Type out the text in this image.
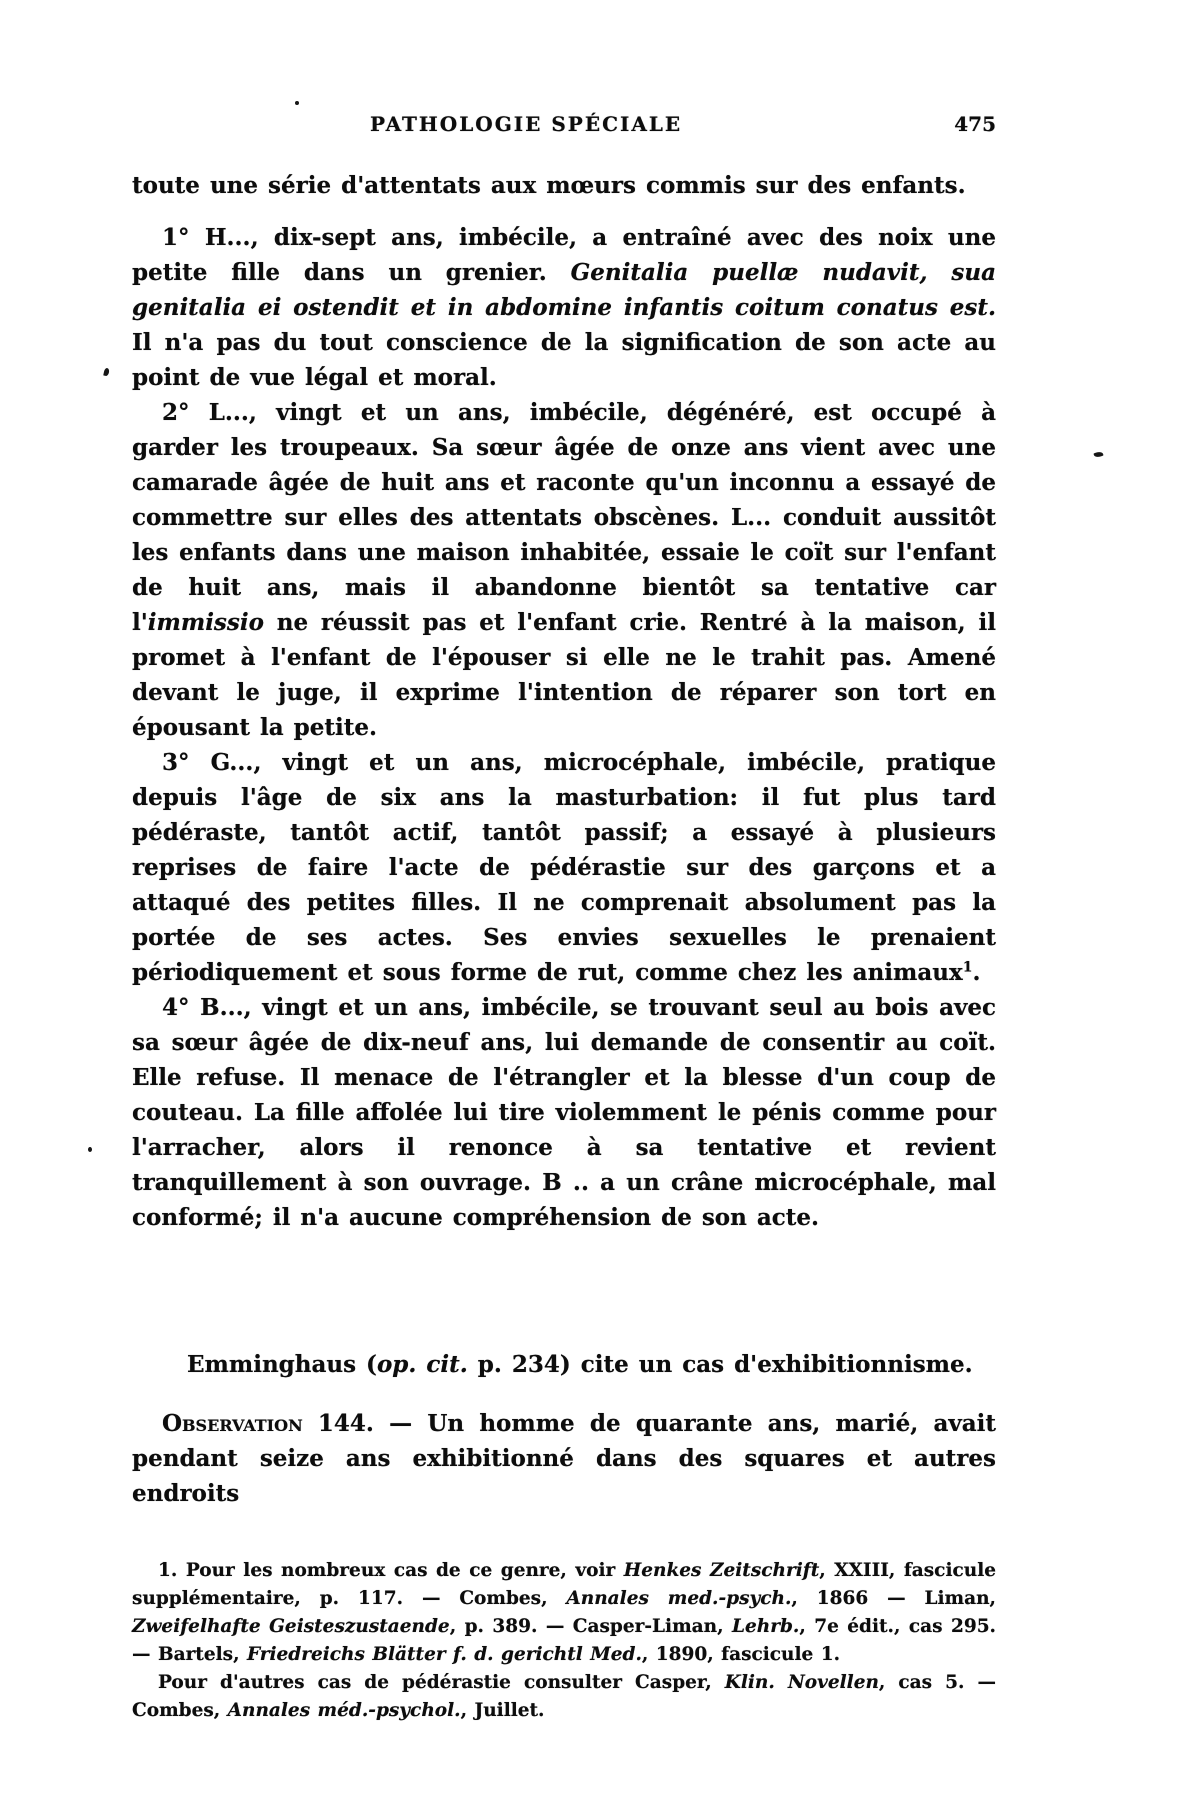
PATHOLOGIE SPÉCIALE	475

toute une série d'attentats aux mœurs commis sur des enfants.

1° H..., dix-sept ans, imbécile, a entraîné avec des noix une petite fille dans un grenier. Genitalia puellæ nudavit, sua genitalia ei ostendit et in abdomine infantis coitum conatus est. Il n'a pas du tout conscience de la signification de son acte au point de vue légal et moral.

2° L..., vingt et un ans, imbécile, dégénéré, est occupé à garder les troupeaux. Sa sœur âgée de onze ans vient avec une camarade âgée de huit ans et raconte qu'un inconnu a essayé de commettre sur elles des attentats obscènes. L... conduit aussitôt les enfants dans une maison inhabitée, essaie le coït sur l'enfant de huit ans, mais il abandonne bientôt sa tentative car l'immissio ne réussit pas et l'enfant crie. Rentré à la maison, il promet à l'enfant de l'épouser si elle ne le trahit pas. Amené devant le juge, il exprime l'intention de réparer son tort en épousant la petite.

3° G..., vingt et un ans, microcéphale, imbécile, pratique depuis l'âge de six ans la masturbation: il fut plus tard pédéraste, tantôt actif, tantôt passif; a essayé à plusieurs reprises de faire l'acte de pédérastie sur des garçons et a attaqué des petites filles. Il ne comprenait absolument pas la portée de ses actes. Ses envies sexuelles le prenaient périodiquement et sous forme de rut, comme chez les animaux$^1$.

4° B..., vingt et un ans, imbécile, se trouvant seul au bois avec sa sœur âgée de dix-neuf ans, lui demande de consentir au coït. Elle refuse. Il menace de l'étrangler et la blesse d'un coup de couteau. La fille affolée lui tire violemment le pénis comme pour l'arracher, alors il renonce à sa tentative et revient tranquillement à son ouvrage. B .. a un crâne microcéphale, mal conformé; il n'a aucune compréhension de son acte.

Emminghaus (op. cit. p. 234) cite un cas d'exhibitionnisme.

Observation 144. — Un homme de quarante ans, marié, avait pendant seize ans exhibitionné dans des squares et autres endroits

1. Pour les nombreux cas de ce genre, voir Henkes Zeitschrift, XXIII, fascicule supplémentaire, p. 117. — Combes, Annales med.-psych., 1866 — Liman, Zweifelhafte Geisteszustaende, p. 389. — Casper-Liman, Lehrb., 7e édit., cas 295. — Bartels, Friedreichs Blätter f. d. gerichtl Med., 1890, fascicule 1.

Pour d'autres cas de pédérastie consulter Casper, Klin. Novellen, cas 5. — Combes, Annales méd.-psychol., Juillet.
